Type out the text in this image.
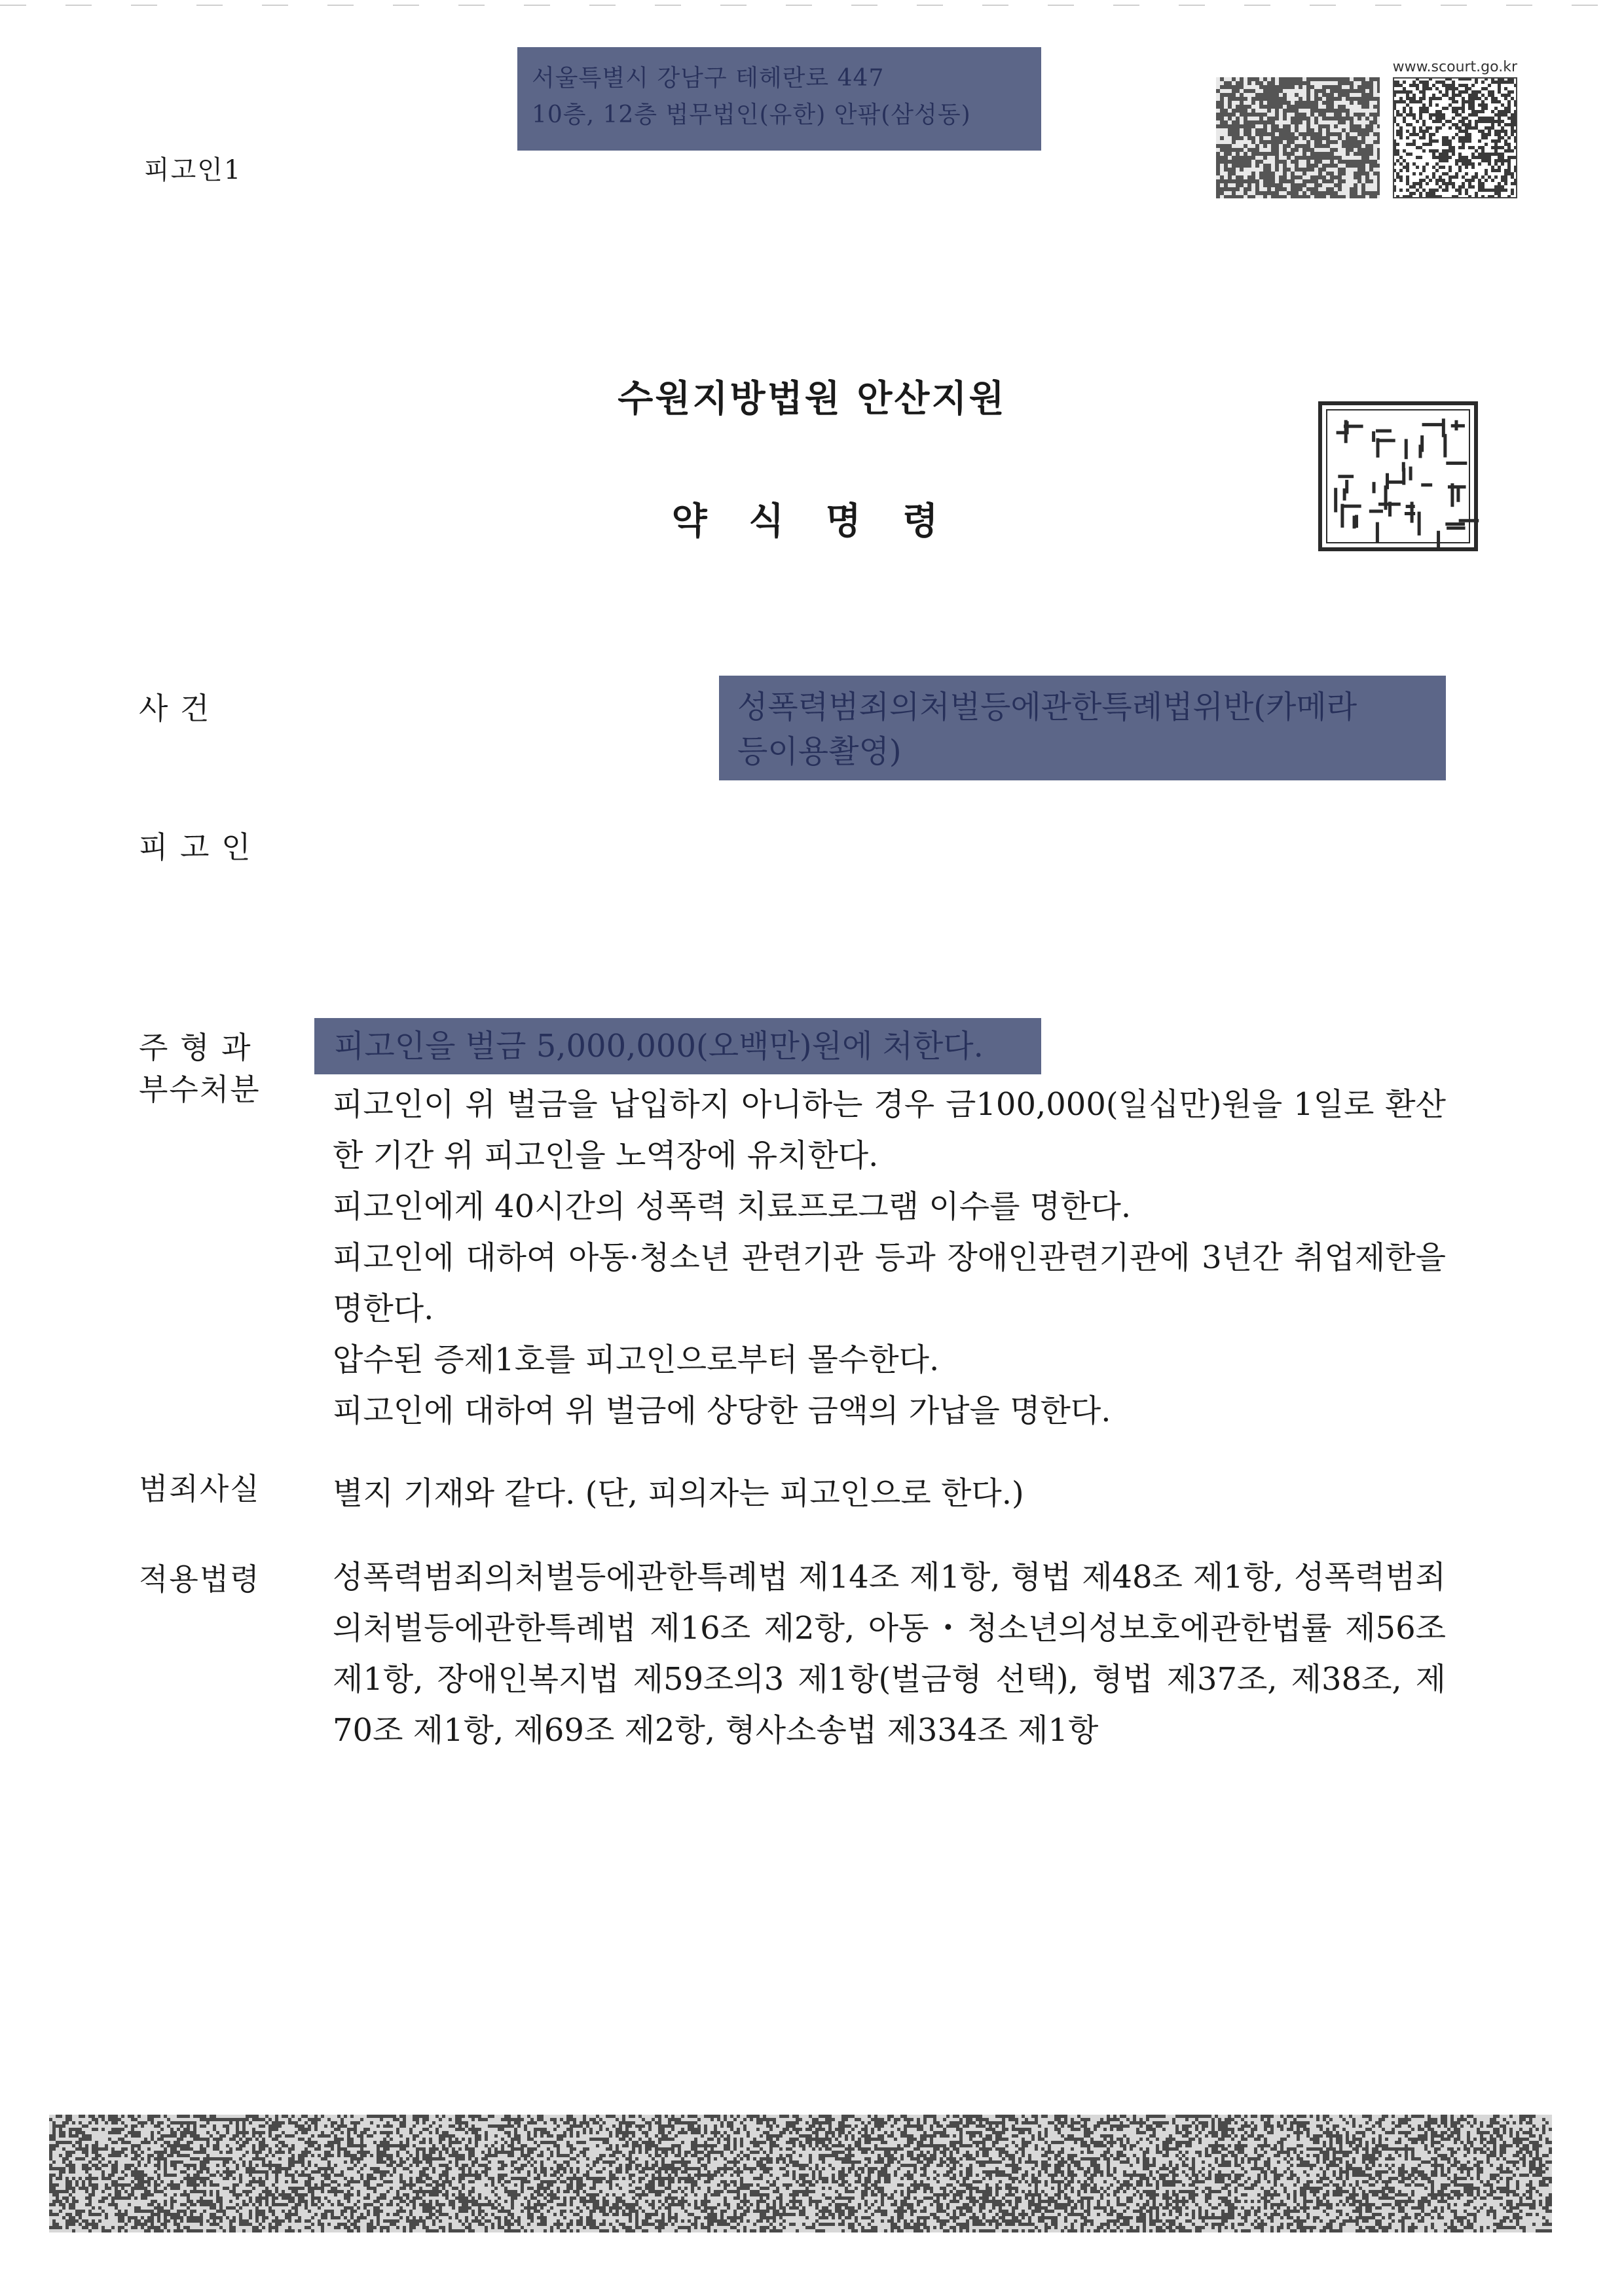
서울특별시 강남구 테헤란로 447
10층, 12층 법무법인(유한) 안팎(삼성동)
피고인1
www.scourt.go.kr
수원지방법원 안산지원
약 식 명 령
사 건	성폭력범죄의처벌등에관한특례법위반(카메라
등이용촬영)
피 고 인
주 형 과
부수처분
피고인을 벌금 5,000,000(오백만)원에 처한다.
피고인이 위 벌금을 납입하지 아니하는 경우 금100,000(일십만)원을 1일로 환산한 기간 위 피고인을 노역장에 유치한다.
피고인에게 40시간의 성폭력 치료프로그램 이수를 명한다.
피고인에 대하여 아동·청소년 관련기관 등과 장애인관련기관에 3년간 취업제한을 명한다.
압수된 증제1호를 피고인으로부터 몰수한다.
피고인에 대하여 위 벌금에 상당한 금액의 가납을 명한다.
범죄사실 별지 기재와 같다. (단, 피의자는 피고인으로 한다.)
적용법령 성폭력범죄의처벌등에관한특례법 제14조 제1항, 형법 제48조 제1항, 성폭력범죄의처벌등에관한특례법 제16조 제2항, 아동・청소년의성보호에관한법률 제56조 제1항, 장애인복지법 제59조의3 제1항(벌금형 선택), 형법 제37조, 제38조, 제70조 제1항, 제69조 제2항, 형사소송법 제334조 제1항
